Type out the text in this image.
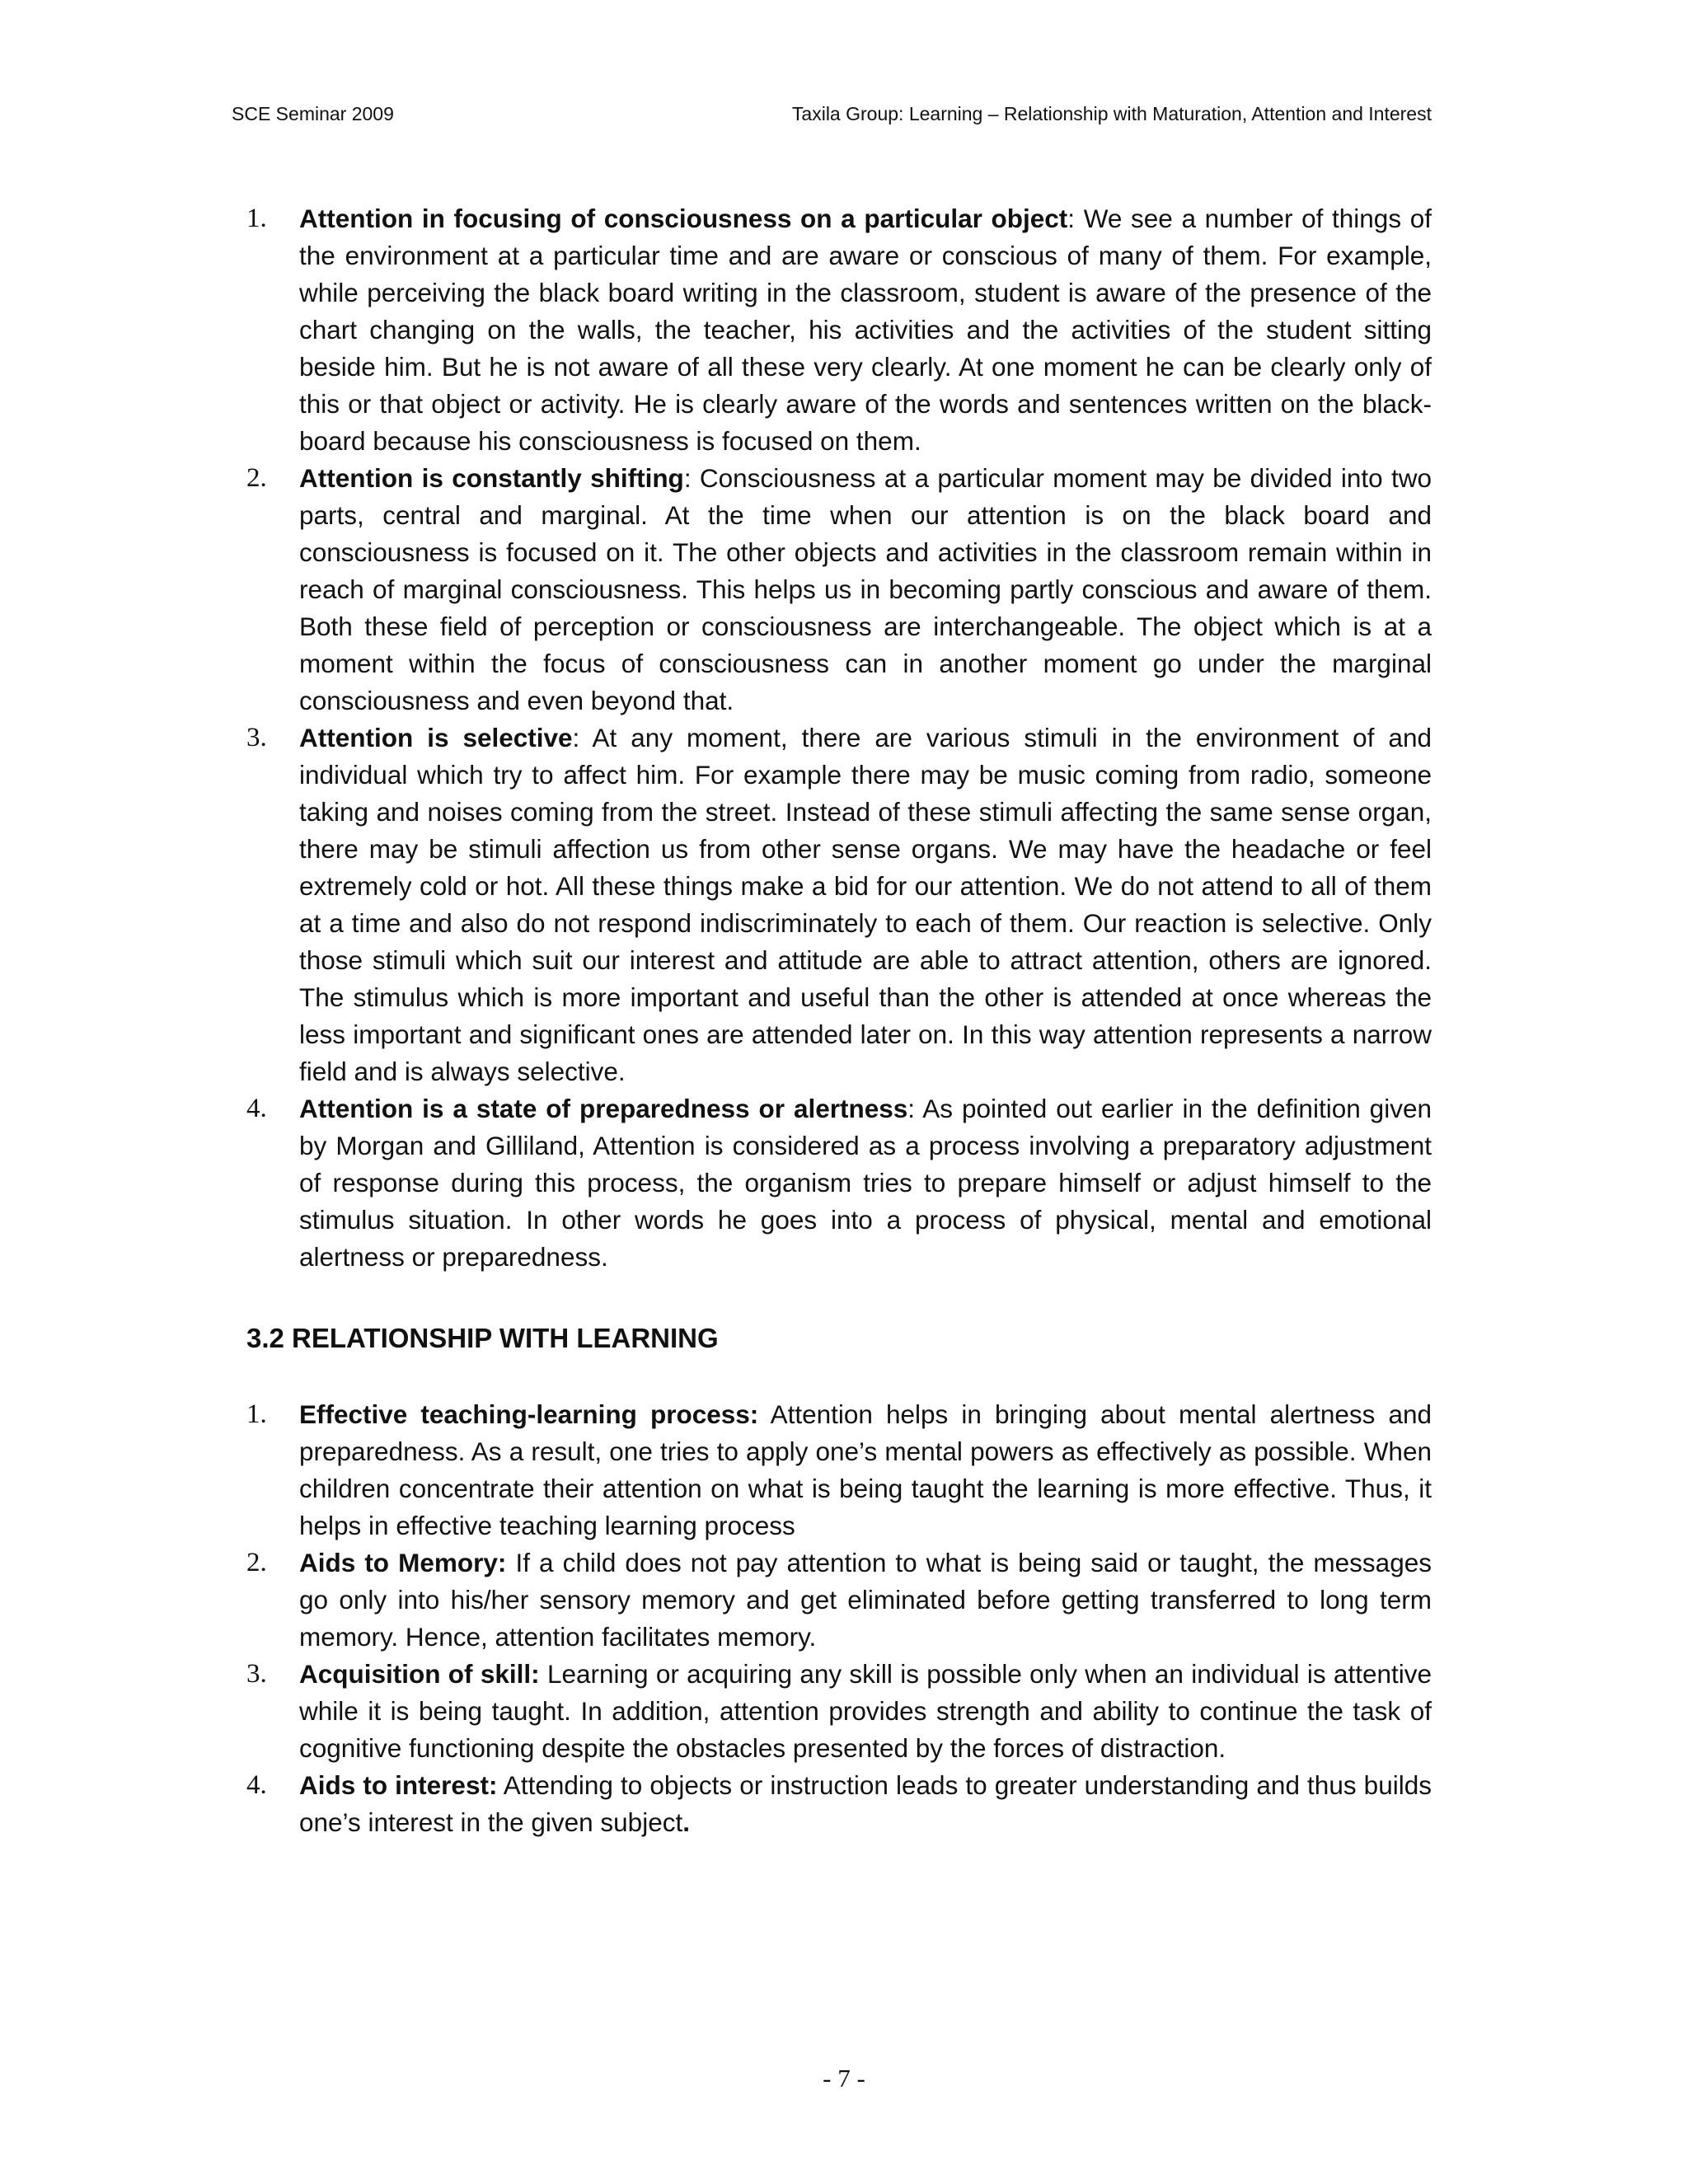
SCE Seminar 2009	Taxila Group: Learning – Relationship with Maturation, Attention and Interest
1. Attention in focusing of consciousness on a particular object: We see a number of things of the environment at a particular time and are aware or conscious of many of them. For example, while perceiving the black board writing in the classroom, student is aware of the presence of the chart changing on the walls, the teacher, his activities and the activities of the student sitting beside him. But he is not aware of all these very clearly. At one moment he can be clearly only of this or that object or activity. He is clearly aware of the words and sentences written on the black-board because his consciousness is focused on them.
2. Attention is constantly shifting: Consciousness at a particular moment may be divided into two parts, central and marginal. At the time when our attention is on the black board and consciousness is focused on it. The other objects and activities in the classroom remain within in reach of marginal consciousness. This helps us in becoming partly conscious and aware of them. Both these field of perception or consciousness are interchangeable. The object which is at a moment within the focus of consciousness can in another moment go under the marginal consciousness and even beyond that.
3. Attention is selective: At any moment, there are various stimuli in the environment of and individual which try to affect him. For example there may be music coming from radio, someone taking and noises coming from the street. Instead of these stimuli affecting the same sense organ, there may be stimuli affection us from other sense organs. We may have the headache or feel extremely cold or hot. All these things make a bid for our attention. We do not attend to all of them at a time and also do not respond indiscriminately to each of them. Our reaction is selective. Only those stimuli which suit our interest and attitude are able to attract attention, others are ignored. The stimulus which is more important and useful than the other is attended at once whereas the less important and significant ones are attended later on. In this way attention represents a narrow field and is always selective.
4. Attention is a state of preparedness or alertness: As pointed out earlier in the definition given by Morgan and Gilliland, Attention is considered as a process involving a preparatory adjustment of response during this process, the organism tries to prepare himself or adjust himself to the stimulus situation. In other words he goes into a process of physical, mental and emotional alertness or preparedness.
3.2 RELATIONSHIP WITH LEARNING
1. Effective teaching-learning process: Attention helps in bringing about mental alertness and preparedness. As a result, one tries to apply one’s mental powers as effectively as possible. When children concentrate their attention on what is being taught the learning is more effective. Thus, it helps in effective teaching learning process
2. Aids to Memory: If a child does not pay attention to what is being said or taught, the messages go only into his/her sensory memory and get eliminated before getting transferred to long term memory. Hence, attention facilitates memory.
3. Acquisition of skill: Learning or acquiring any skill is possible only when an individual is attentive while it is being taught. In addition, attention provides strength and ability to continue the task of cognitive functioning despite the obstacles presented by the forces of distraction.
4. Aids to interest: Attending to objects or instruction leads to greater understanding and thus builds one’s interest in the given subject.
- 7 -
